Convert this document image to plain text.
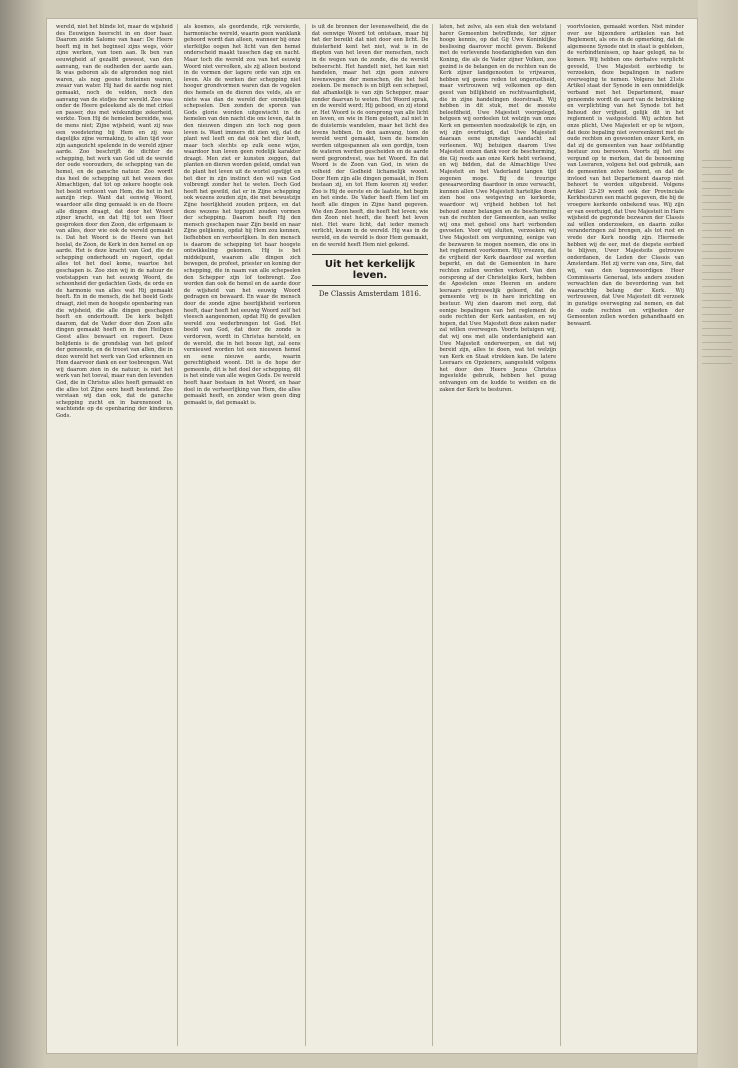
wereld, niet het blinde lot, maar de wijsheid des Eeuwigen heerscht in en door haar. Daarom zeide Salomo van haar: De Heere heeft mij in het beginsel zijns wegs, vóór zijne werken, van toen aan. Ik ben van eeuwigheid af gezalfd geweest, van den aanvang, van de oudheden der aarde aan. Ik was geboren als de afgronden nog niet waren, als nog geene fonteinen waren, zwaar van water. Hij had de aarde nog niet gemaakt, noch de velden, noch den aanvang van de stofjes der wereld. Zoo was onder de Heere geleekend als de met cirkel en passer, dus met wiskundige zekerheid, werkte. Toen Hij de hemelen bereidde, was de mens niet; Zijne wijsheid, want zij was een voedstering bij Hem en zij was dagelijks zijne vermaking, te allen tijd voor zijn aangezicht spelende in de wereld zijner aarde. Zoo beschrijft de dichter de schepping, het werk van God uit de wereld der oude voorouders, de schepping van de hemel, en de gansche natuur. Zoo wordt dus heel de schepping uit het wezen des Almachtigen, dat tot op zekere hoogte ook het beeld vertoont van Hem, die het in het aanzijn riep. Want dat eenwig Woord, waardoor alle ding gemaakt is en de Heere alle dingen draagt, dat door het Woord zijner kracht, en dat Hij tot een Heer gesproken door den Zoon, die erfgenaam is van alles, door wie ook de wereld gemaakt is. Dat het Woord is de Heere van het heelal, de Zoon, de Kerk in den hemel en op aarde. Het is deze kracht van God, die de schepping onderhoudt en regeert, opdat alles tot het doel kome, waartoe het geschapen is. Zoo zien wij in de natuur de voetstappen van het eeuwig Woord, de schoonheid der gedachten Gods, de orde en de harmonie van alles wat Hij gemaakt heeft. En in de mensch, die het beeld Gods draagt, ziet men de hoogste openbaring van die wijsheid, die alle dingen geschapen heeft en onderhoudt. De kerk belijdt daarom, dat de Vader door den Zoon alle dingen gemaakt heeft en in den Heiligen Geest alles bewaart en regeert. Deze belijdenis is de grondslag van het geloof der gemeente, en de troost van allen, die in deze wereld het werk van God erkennen en Hem daarvoor dank en eer toebrengen. Wat wij daarom zien in de natuur, is niet het werk van het toeval, maar van den levenden God, die in Christus alles heeft gemaakt en die alles tot Zijne eere heeft bestemd. Zoo verstaan wij dan ook, dat de gansche schepping zucht en in barensnood is, wachtende op de openbaring der kinderen Gods.

als kosmos, als geordende, rijk versierde, harmonische wereld, waarin geen wanklank gehoord wordt dan alleen, wanneer bij onze sterfelijke oogen het licht van den hemel onderscheid maakt tusschen dag en nacht. Maar toch die wereld zou van het eeuwig Woord niet vervolken, als zij alleen bestond in de vormen der lagere orde van zijn en leven. Als de werken der schepping niet hooger grondvormen waren dan de vogelen des hemels en de dieren des velds, als er niets was dan de wereld der onredelijke schepselen. Den zonden de sporen van Gods glorie worden uitgewischt in de hemelen van den nacht die ons leven, dat in den nieuwen dingen zin toch nog geen leven is. Want immers dit zien wij, dat de plant wel leeft en dat ook het dier leeft, maar toch slechts op zulk eene wijze, waardoor hun leven geen redelijk karakter draagt. Men ziet er kunsten zeggen, dat planten en dieren worden geleid, omdat van de plant het leven uit de wortel opstijgt en het dier in zijn instinct den wil van God volbrengt zonder het te weten. Doch God heeft het gewild, dat er in Zijne schepping ook wezens zouden zijn, die met bewustzijn Zijne heerlijkheid zouden prijzen, en dat deze wezens het toppunt zouden vormen der schepping. Daarom heeft Hij den mensch geschapen naar Zijn beeld en naar Zijne gelijkenis, opdat hij Hem zou kennen, liefhebben en verheerlijken. In den mensch is daarom de schepping tot haar hoogste ontwikkeling gekomen. Hij is het middelpunt, waarom alle dingen zich bewegen, de profeet, priester en koning der schepping, die in naam van alle schepselen den Schepper zijn lof toebrengt. Zoo worden dan ook de hemel en de aarde door de wijsheid van het eeuwig Woord gedragen en bewaard. En waar de mensch door de zonde zijne heerlijkheid verloren heeft, daar heeft het eeuwig Woord zelf het vleesch aangenomen, opdat Hij de gevallen wereld zou wederbrengen tot God. Het beeld van God, dat door de zonde is verdorven, wordt in Christus hersteld, en de wereld, die in het booze ligt, zal eens vernieuwd worden tot een nieuwen hemel en eene nieuwe aarde, waarin gerechtigheid woont. Dit is de hope der gemeente, dit is het doel der schepping, dit is het einde van alle wegen Gods. De wereld heeft haar bestaan in het Woord, en haar doel in de verheerlijking van Hem, die alles gemaakt heeft, en zonder wien geen ding gemaakt is, dat gemaakt is.

is uit de bronnen der levenswelheid, die de dat eenwige Woord tot ontstaan, maar hij het der bereikt dat niet door een licht. De duisterheid kent het niet, wat is in de diepten van het leven der menschen, noch in de wegen van de zonde, die de wereld beheerscht. Het handelt niet, het kan niet handelen, maar het zijn geen zuivere levenswegen der menschen, die het heil zoeken. De mensch is en blijft een schepsel, dat afhankelijk is van zijn Schepper, maar zonder daarvan te weten. Het Woord sprak, en de wereld werd; Hij gebood, en zij stond er. Het Woord is de oorsprong van alle licht en leven, en wie in Hem gelooft, zal niet in de duisternis wandelen, maar het licht des levens hebben. In den aanvang, toen de wereld werd gemaakt, toen de hemelen werden uitgespannen als een gordijn, toen de wateren werden gescheiden en de aarde werd gegrondvest, was het Woord. En dat Woord is de Zoon van God, in wien de volheid der Godheid lichamelijk woont. Door Hem zijn alle dingen gemaakt, in Hem bestaan zij, en tot Hem keeren zij weder. Zoo is Hij de eerste en de laatste, het begin en het einde. De Vader heeft Hem lief en heeft alle dingen in Zijne hand gegeven. Wie den Zoon heeft, die heeft het leven; wie den Zoon niet heeft, die heeft het leven niet. Het ware licht, dat ieder mensch verlicht, kwam in de wereld. Hij was in de wereld, en de wereld is door Hem gemaakt, en de wereld heeft Hem niet gekend.

Uit het kerkelijk leven.
De Classis Amsterdam 1816.

laten, het zelve, als een stuk den wetstand harer Gemeenten betreffende, ter zijner hooge kennis, op dat Gij Uwe Koninklijke beslissing daarover mocht geven. Bekend met de verlevende hoedanigheden van den Koning, die als de Vader zijner Volken, zoo gezind is de belangen en de rechten van de Kerk zijner landgenooten te vrijwaren, hebben wij geene reden tot ongerustheid, maar vertrouwen wij volkomen op den geest van billijkheid en rechtvaardigheid, die in zijne handelingen doorstraalt. Wij hebben in dit stuk, met de meeste beleefdheid, Uwe Majesteit voorgelegd, hetgeen wij oordeelen tot welzijn van onze Kerk en gemeenten noodzakelijk te zijn, en wij zijn overtuigd, dat Uwe Majesteit daaraan eene gunstige aandacht zal verleenen. Wij betuigen daarom Uwe Majesteit onzen dank voor de bescherming, die Gij reeds aan onze Kerk hebt verleend, en wij bidden, dat de Almachtige Uwe Majesteit en het Vaderland langen tijd zegenen moge. Bij de treurige gewaarwording daardoor in onze verwacht, kunnen allen Uwe Majesteit hartelijke doen zien hoe ons wetgeving en kerkorde, waardoor wij vrijheid hebben tot het behoud onzer belangen en de bescherming van de rechten der Gemeenten, aan welke wij ons met geheel ons hart verbonden gevoelen. Voor wij sluiten, verzoeken wij Uwe Majesteit om vergunning, eenige van de bezwaren te mogen noemen, die ons in het reglement voorkomen. Wij vreezen, dat de vrijheid der Kerk daardoor zal worden beperkt, en dat de Gemeenten in hare rechten zullen worden verkort. Van den oorsprong af der Christelijke Kerk, hebben de Apostelen onze Heeren en andere leeraars getrouwelijk geleerd, dat de gemeente vrij is in hare inrichting en bestuur. Wij zien daarom met zorg, dat eenige bepalingen van het reglement de oude rechten der Kerk aantasten, en wij hopen, dat Uwe Majesteit deze zaken nader zal willen overwegen. Voorts betuigen wij, dat wij ons met alle onderdanigheid aan Uwe Majesteit onderwerpen, en dat wij bereid zijn, alles te doen, wat tot welzijn van Kerk en Staat strekken kan. De latere Leeraars en Opzieners, aangesteld volgens het door den Heere Jezus Christus ingestelde gebruik, hebben het gezag ontvangen om de kudde te weiden en de zaken der Kerk te besturen.

voortvloeien, gemaakt worden. Niet minder over uw bijzondere artikelen van het Reglement, als ons in de opmerking, dat de algemeene Synode niet in staat is gebleken, de verbindtenissen, op haar gelegd, na te komen. Wij hebben ons derhalve verplicht gevoeld, Uwe Majesteit eerbiedig te verzoeken, deze bepalingen in nadere overweging te nemen. Volgens het 21ste Artikel staat der Synode in een onmiddelijk verband met het Departement, maar genoemde wordt de aard van de betrekking en verplichting van het Synode tot het behoud der vrijheid, gelijk dit in het reglement is vastgesteld. Wij achten het onze plicht, Uwe Majesteit er op te wijzen, dat deze bepaling niet overeenkomt met de oude rechten en gewoonten onzer Kerk, en dat zij de gemeenten van haar zelfstandig bestuur zou berooven. Voorts zij het ons vergund op te merken, dat de benoeming van Leeraren, volgens het oud gebruik, aan de gemeenten zelve toekomt, en dat de invloed van het Departement daarop niet behoort te worden uitgebreid. Volgens Artikel 23-29 wordt ook der Provinciale Kerkbesturen een macht gegeven, die bij de vroegere kerkorde onbekend was. Wij zijn er van overtuigd, dat Uwe Majesteit in Hare wijsheid de gegronde bezwaren der Classis zal willen onderzoeken, en daarin zulke veranderingen zal brengen, als tot rust en vrede der Kerk noodig zijn. Hiermede hebben wij de eer, met de diepste eerbied te blijven, Uwer Majesteits getrouwe onderdanen, de Leden der Classis van Amsterdam. Het zij verre van ons, Sire, dat wij, van den tegenwoordigen Heer Commissaris Generaal, iets anders zouden verwachten dan de bevordering van het waarachtig belang der Kerk. Wij vertrouwen, dat Uwe Majesteit dit verzoek in gunstige overweging zal nemen, en dat de oude rechten en vrijheden der Gemeenten zullen worden gehandhaafd en bewaard.
